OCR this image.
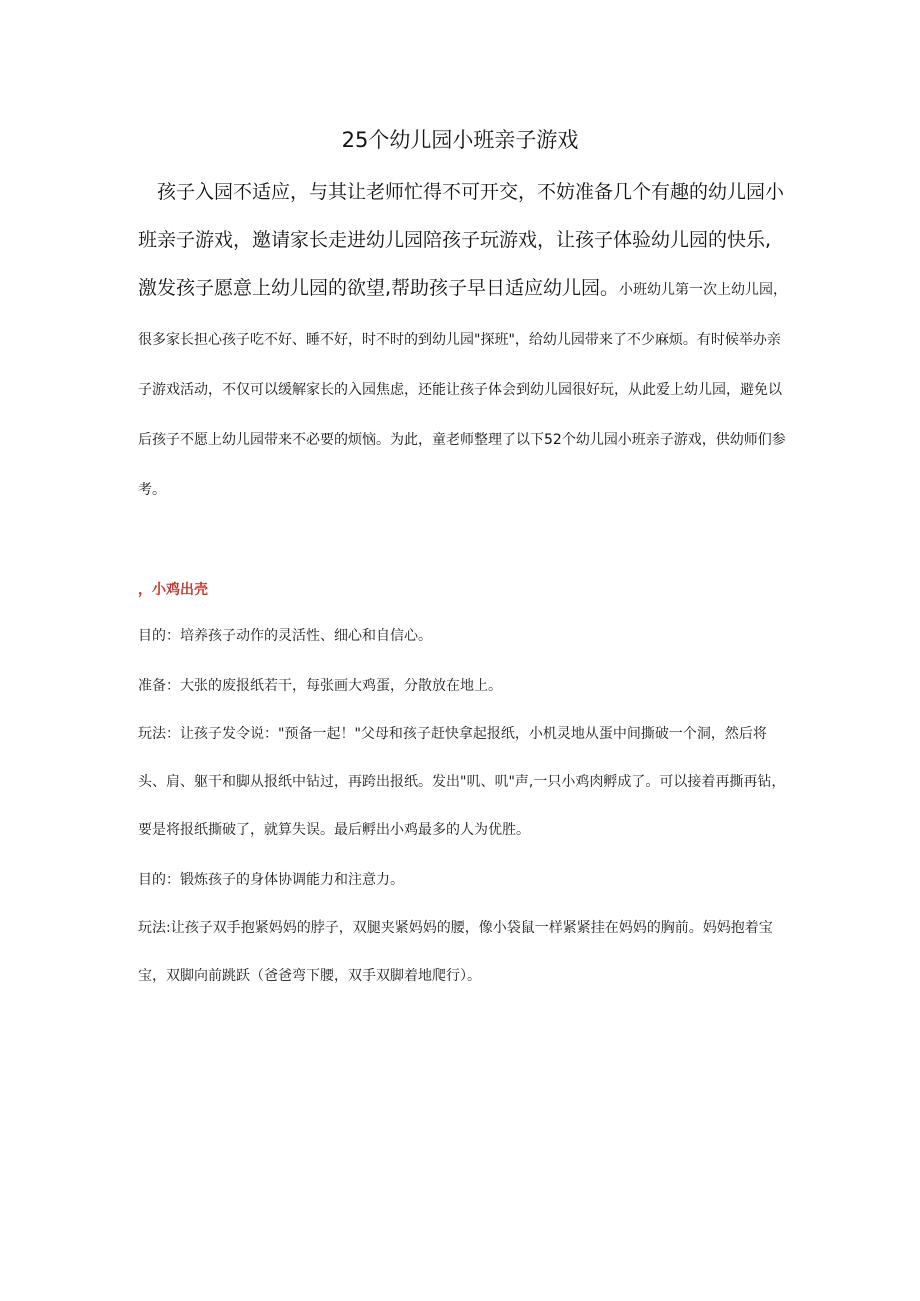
25个幼儿园小班亲子游戏

孩子入园不适应，与其让老师忙得不可开交，不妨准备几个有趣的幼儿园小班亲子游戏，邀请家长走进幼儿园陪孩子玩游戏，让孩子体验幼儿园的快乐,激发孩子愿意上幼儿园的欲望,帮助孩子早日适应幼儿园。小班幼儿第一次上幼儿园，很多家长担心孩子吃不好、睡不好，时不时的到幼儿园"探班"，给幼儿园带来了不少麻烦。有时候举办亲子游戏活动，不仅可以缓解家长的入园焦虑，还能让孩子体会到幼儿园很好玩，从此爱上幼儿园，避免以后孩子不愿上幼儿园带来不必要的烦恼。为此，童老师整理了以下52个幼儿园小班亲子游戏，供幼师们参考。

，小鸡出壳

目的：培养孩子动作的灵活性、细心和自信心。

准备：大张的废报纸若干，每张画大鸡蛋，分散放在地上。

玩法：让孩子发令说："预备一起！"父母和孩子赶快拿起报纸，小机灵地从蛋中间撕破一个洞，然后将头、肩、躯干和脚从报纸中钻过，再跨出报纸。发出"叽、叽"声,一只小鸡肉孵成了。可以接着再撕再钻，要是将报纸撕破了，就算失误。最后孵出小鸡最多的人为优胜。

目的：锻炼孩子的身体协调能力和注意力。

玩法:让孩子双手抱紧妈妈的脖子，双腿夹紧妈妈的腰，像小袋鼠一样紧紧挂在妈妈的胸前。妈妈抱着宝宝，双脚向前跳跃（爸爸弯下腰，双手双脚着地爬行）。
